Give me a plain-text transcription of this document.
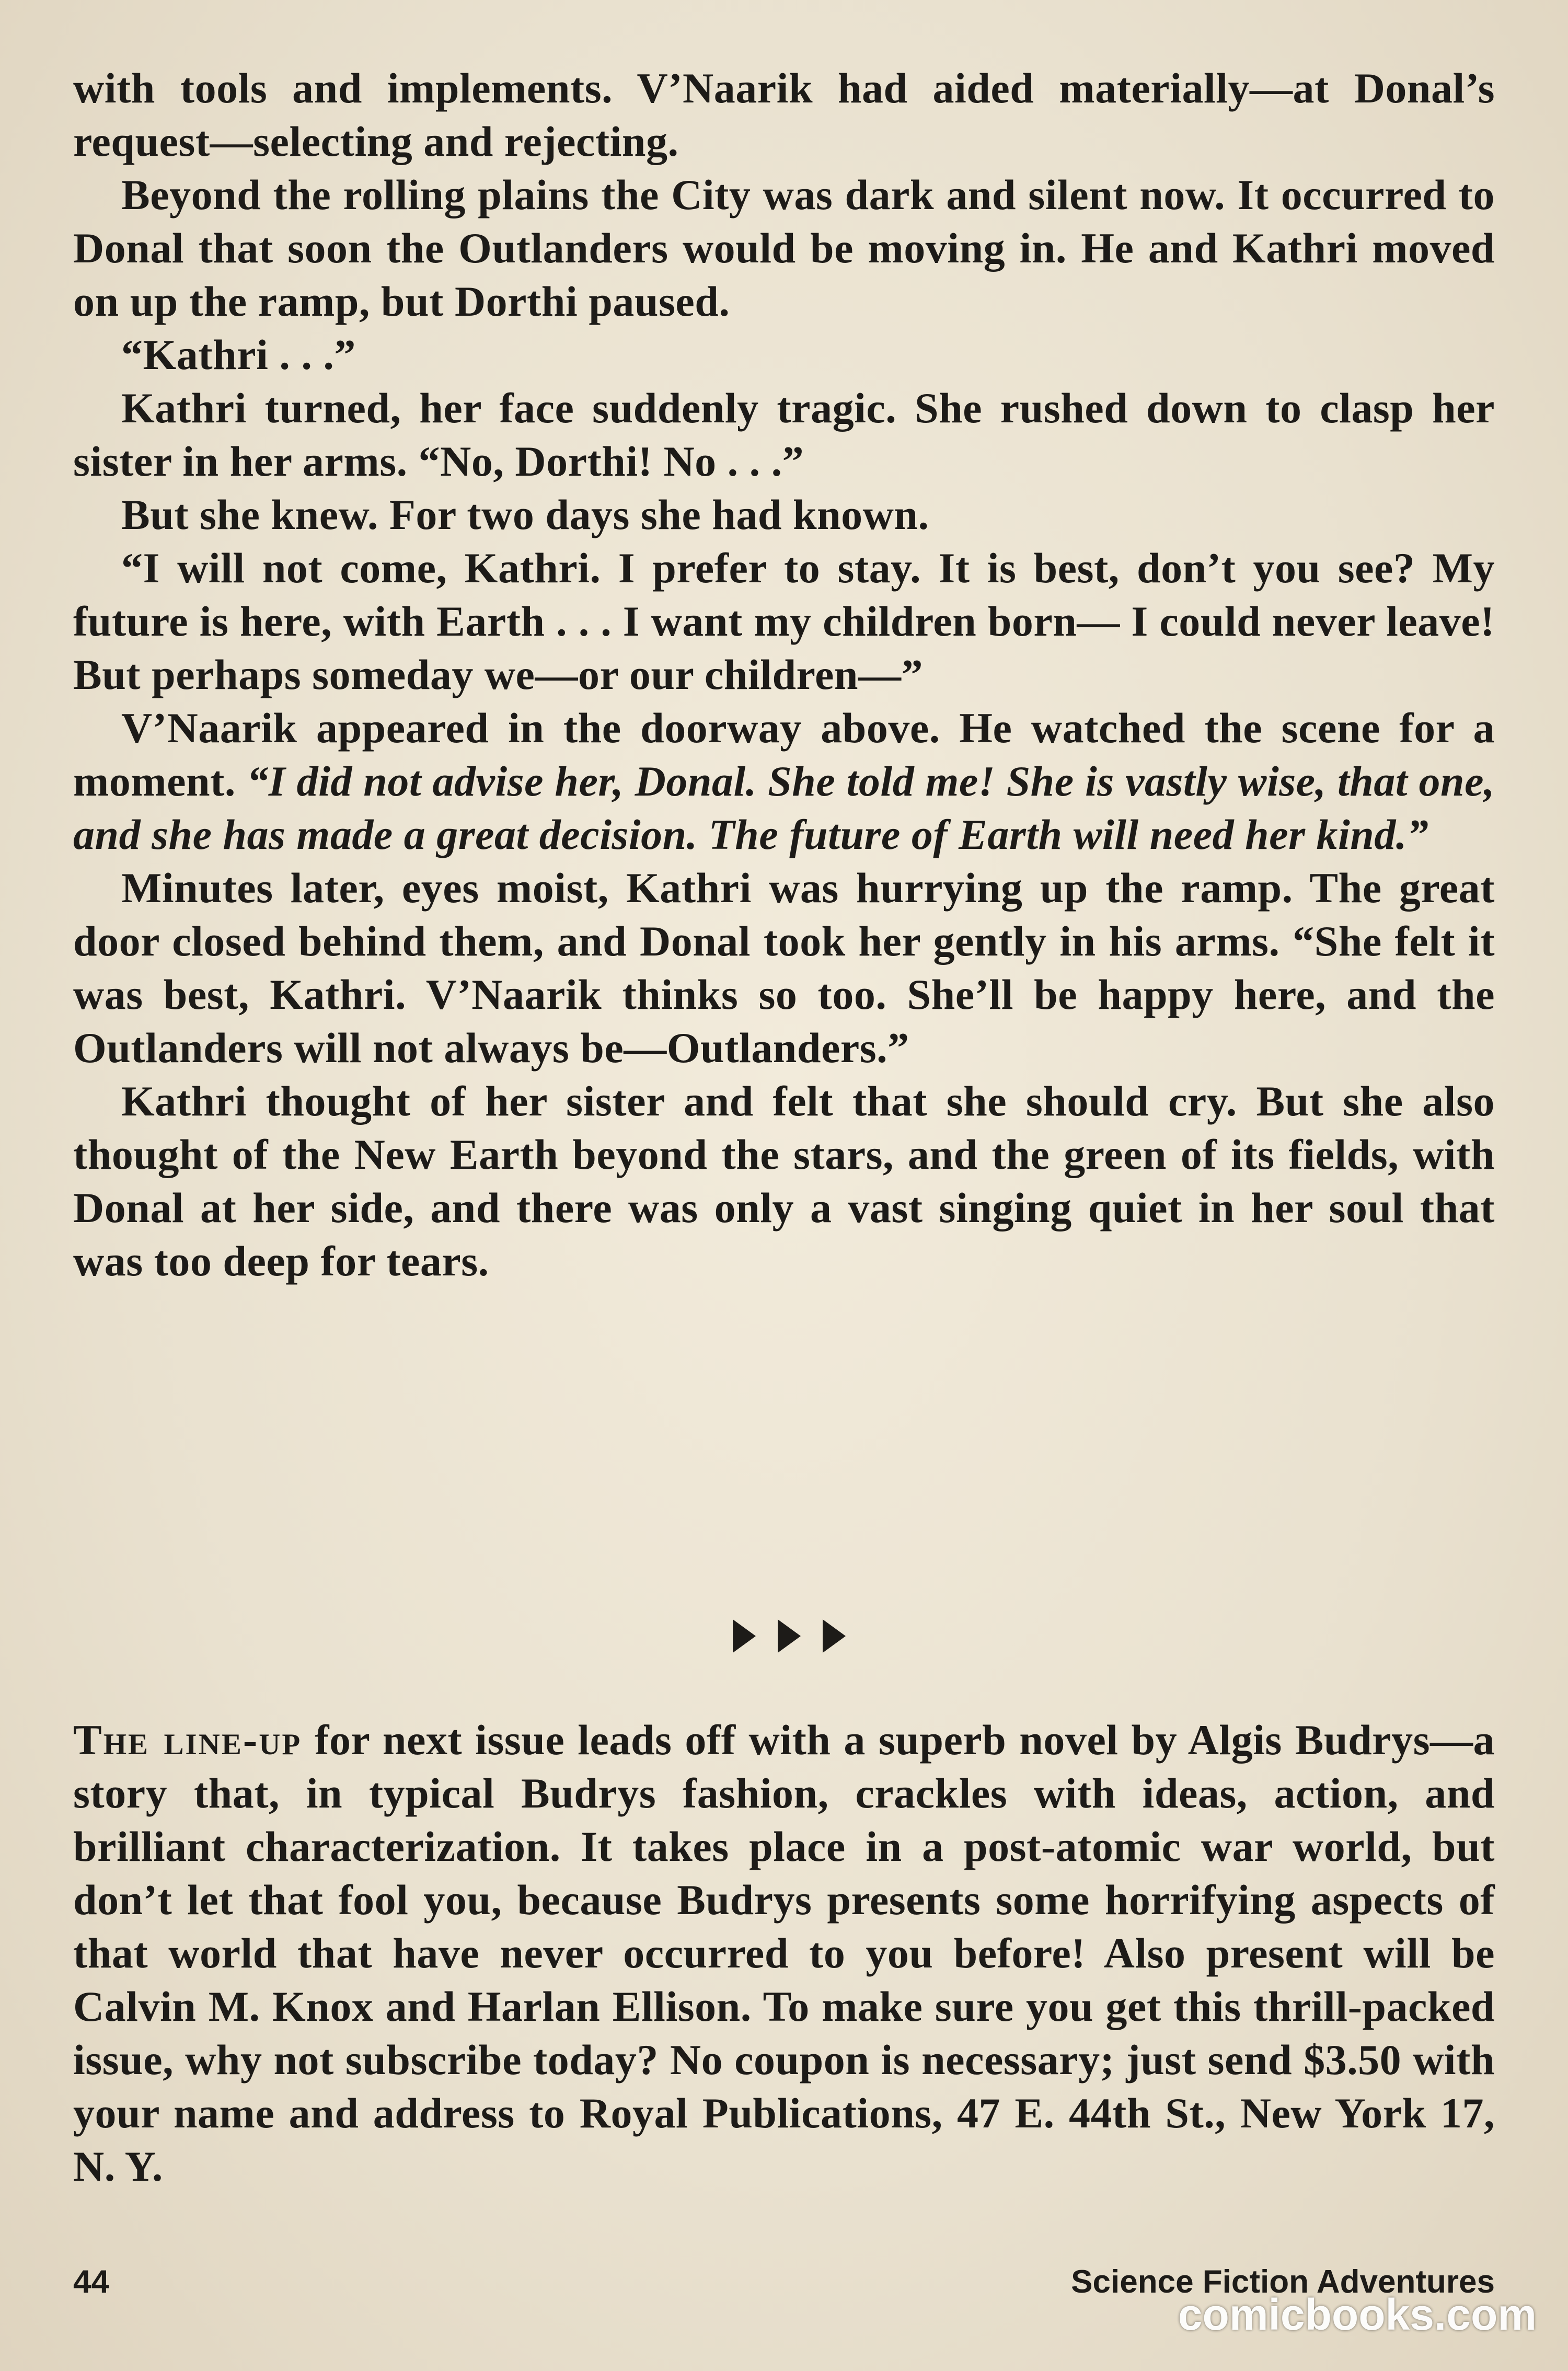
with tools and implements. V’Naarik had aided materially—at Donal’s request—selecting and rejecting.

Beyond the rolling plains the City was dark and silent now. It occurred to Donal that soon the Outlanders would be moving in. He and Kathri moved on up the ramp, but Dorthi paused.

“Kathri . . .”

Kathri turned, her face suddenly tragic. She rushed down to clasp her sister in her arms. “No, Dorthi! No . . .”

But she knew. For two days she had known.

“I will not come, Kathri. I prefer to stay. It is best, don’t you see? My future is here, with Earth . . . I want my children born— I could never leave! But perhaps someday we—or our children—”

V’Naarik appeared in the doorway above. He watched the scene for a moment. “I did not advise her, Donal. She told me! She is vastly wise, that one, and she has made a great decision. The future of Earth will need her kind.”

Minutes later, eyes moist, Kathri was hurrying up the ramp. The great door closed behind them, and Donal took her gently in his arms. “She felt it was best, Kathri. V’Naarik thinks so too. She’ll be happy here, and the Outlanders will not always be—Outlanders.”

Kathri thought of her sister and felt that she should cry. But she also thought of the New Earth beyond the stars, and the green of its fields, with Donal at her side, and there was only a vast singing quiet in her soul that was too deep for tears.

The line-up for next issue leads off with a superb novel by Algis Budrys—a story that, in typical Budrys fashion, crackles with ideas, action, and brilliant characterization. It takes place in a post-atomic war world, but don’t let that fool you, because Budrys presents some horrifying aspects of that world that have never occurred to you before! Also present will be Calvin M. Knox and Harlan Ellison. To make sure you get this thrill-packed issue, why not subscribe today? No coupon is necessary; just send $3.50 with your name and address to Royal Publications, 47 E. 44th St., New York 17, N. Y.

44	Science Fiction Adventures
comicbooks.com
